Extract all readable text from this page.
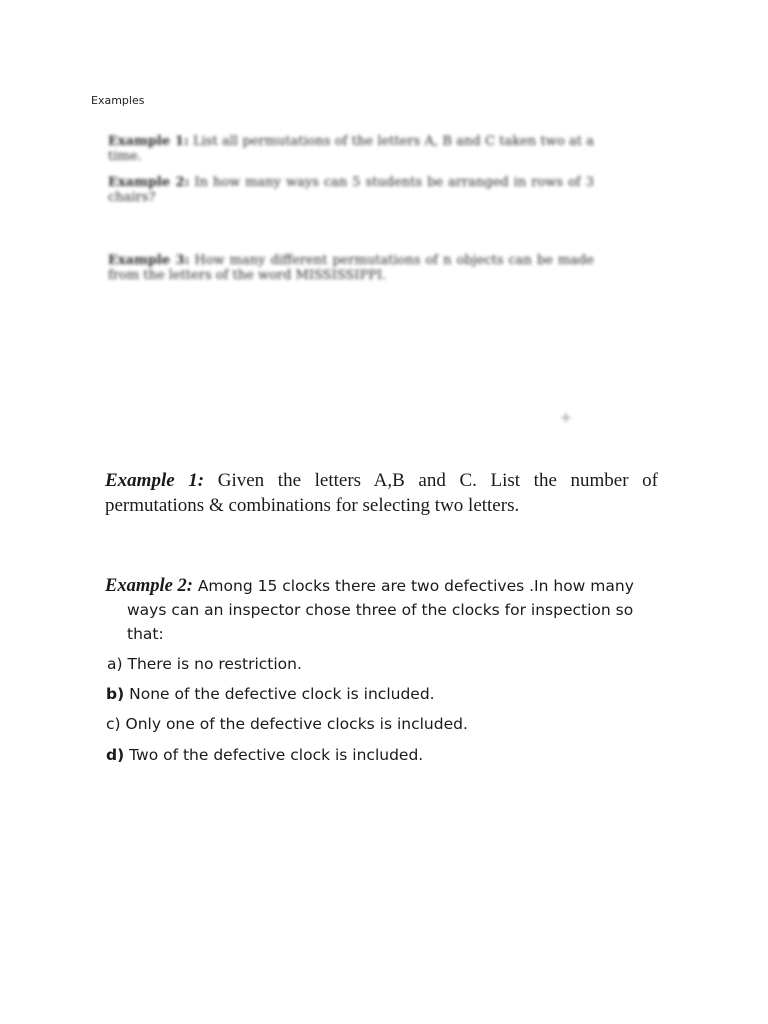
Examples
Example 1: List all permutations of the letters A, B and C taken two at a time.
Example 2: In how many ways can 5 students be arranged in rows of 3 chairs?
Example 3: How many different permutations of n objects can be made from the letters of the word MISSISSIPPI.
+
Example 1: Given the letters A,B and C. List the number of permutations & combinations for selecting two letters.
Example 2: Among 15 clocks there are two defectives .In how many
ways can an inspector chose three of the clocks for inspection so that:
a) There is no restriction.
b) None of the defective clock is included.
c) Only one of the defective clocks is included.
d) Two of the defective clock is included.
